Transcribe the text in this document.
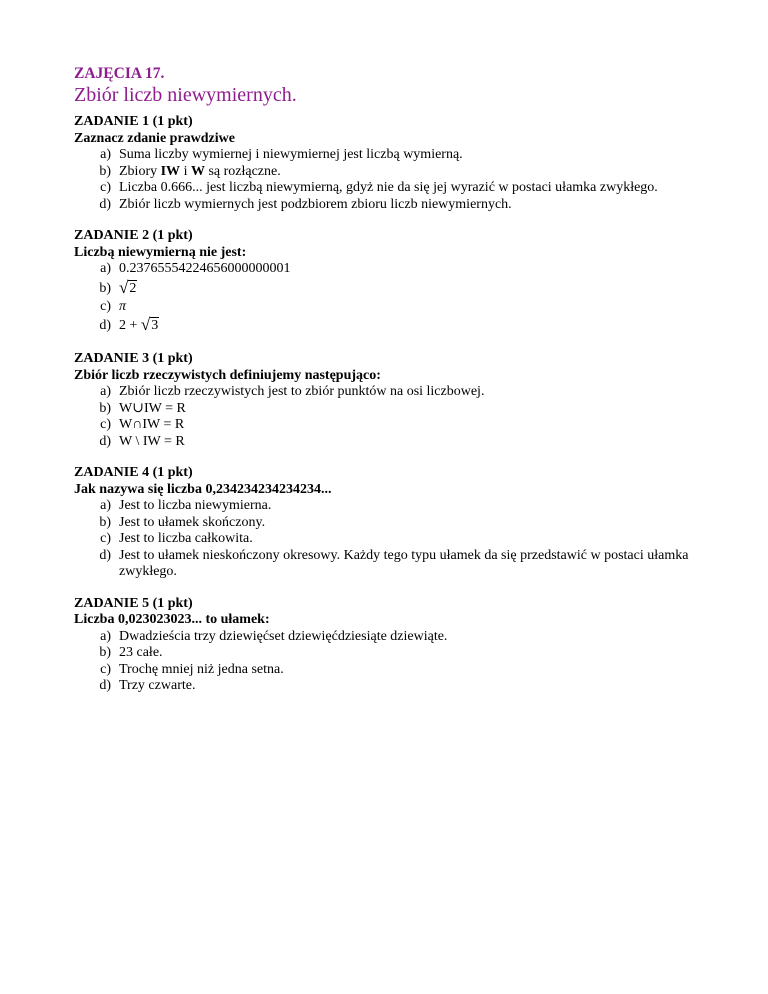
ZAJĘCIA 17.
Zbiór liczb niewymiernych.
ZADANIE 1 (1 pkt)
Zaznacz zdanie prawdziwe
a) Suma liczby wymiernej i niewymiernej jest liczbą wymierną.
b) Zbiory IW i W są rozłączne.
c) Liczba 0.666... jest liczbą niewymierną, gdyż nie da się jej wyrazić w postaci ułamka zwykłego.
d) Zbiór liczb wymiernych jest podzbiorem zbioru liczb niewymiernych.
ZADANIE 2 (1 pkt)
Liczbą niewymierną nie jest:
a) 0.23765554224656000000001
b) √2
c) π
d) 2 + √3
ZADANIE 3 (1 pkt)
Zbiór liczb rzeczywistych definiujemy następująco:
a) Zbiór liczb rzeczywistych jest to zbiór punktów na osi liczbowej.
b) W∪IW = R
c) W∩IW = R
d) W \ IW = R
ZADANIE 4 (1 pkt)
Jak nazywa się liczba 0,234234234234234...
a) Jest to liczba niewymierna.
b) Jest to ułamek skończony.
c) Jest to liczba całkowita.
d) Jest to ułamek nieskończony okresowy. Każdy tego typu ułamek da się przedstawić w postaci ułamka zwykłego.
ZADANIE 5 (1 pkt)
Liczba 0,023023023... to ułamek:
a) Dwadzieścia trzy dziewięćset dziewięćdziesiąte dziewiąte.
b) 23 całe.
c) Trochę mniej niż jedna setna.
d) Trzy czwarte.
